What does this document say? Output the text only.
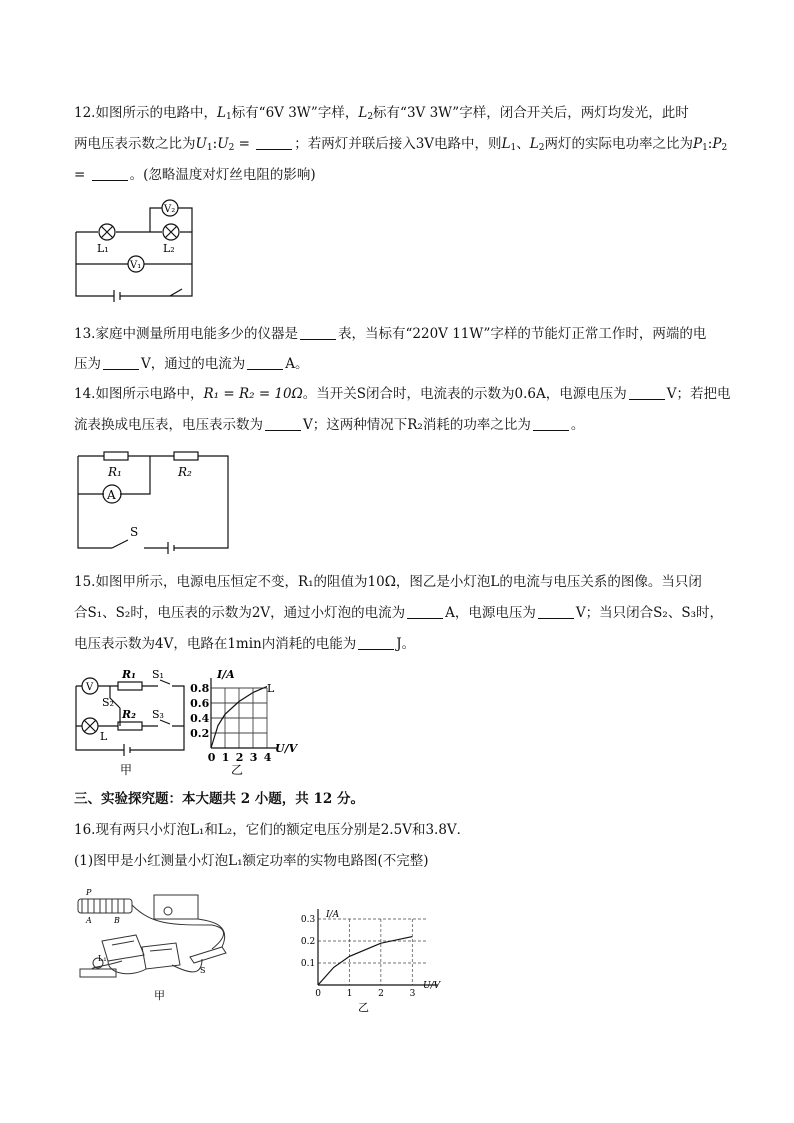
12.如图所示的电路中，$L_1$标有“6V 3W”字样，$L_2$标有“3V 3W”字样，闭合开关后，两灯均发光，此时
两电压表示数之比为$U_1:U_2$ =	；若两灯并联后接入3V电路中，则$L_1$、$L_2$两灯的实际电功率之比为$P_1:P_2$
=	。(忽略温度对灯丝电阻的影响)
L₁	L₂
V₁
V₂
13.家庭中测量所用电能多少的仪器是	表，当标有“220V 11W”字样的节能灯正常工作时，两端的电
压为	V，通过的电流为	A。
14.如图所示电路中，R₁ = R₂ = 10Ω。当开关S闭合时，电流表的示数为0.6A，电源电压为	V；若把电
流表换成电压表，电压表示数为	V；这两种情况下R₂消耗的功率之比为	。
R₁	R₂
A
S
15.如图甲所示，电源电压恒定不变，R₁的阻值为10Ω，图乙是小灯泡L的电流与电压关系的图像。当只闭
合S₁、S₂时，电压表的示数为2V，通过小灯泡的电流为	A，电源电压为	V；当只闭合S₂、S₃时，
电压表示数为4V，电路在1min内消耗的电能为	J。
V
R₁
R₂
S₁
S₃
S₂
L
甲
I/A
U/V
L
乙
0 1 2 3 4
0.2
0.4
0.6
0.8
三、实验探究题：本大题共 2 小题，共 12 分。
16.现有两只小灯泡L₁和L₂，它们的额定电压分别是2.5V和3.8V．
(1)图甲是小红测量小灯泡L₁额定功率的实物电路图(不完整)
P
A	B
L₁
S
甲
I/A
U/V
乙
0	1	2	3
0.1
0.2
0.3
